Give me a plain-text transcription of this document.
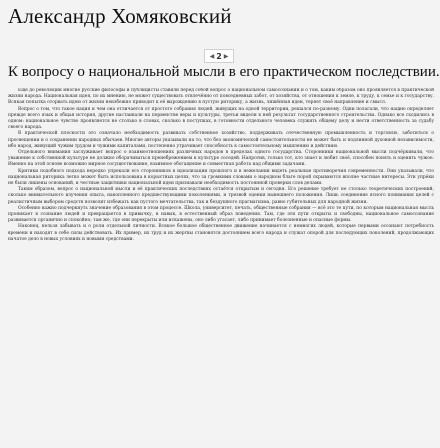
Александр Хомяковский
◀ 2 ▶
К вопросу о национальной мысли в его практическом последствии.

Ещё до революции многие русские философы и публицисты ставили перед собой вопрос о национальном самосознании и о том, каким образом оно проявляется в практической жизни народа. Национальная идея, по их мнению, не может существовать отвлечённо от повседневных забот, от хозяйства, от отношения к земле, к труду, к семье и к государству. Всякая попытка оторвать идею от жизни неизбежно приводит к её вырождению в пустую риторику, а жизнь, лишённая идеи, теряет своё направление и смысл.

Вопрос о том, что такое нация и чем она отличается от простого собрания людей, живущих на одной территории, решался по-разному. Одни полагали, что нацию определяет прежде всего язык и общая история, другие настаивали на первенстве веры и культуры, третьи видели в ней результат государственного строительства. Однако все сходились в одном: национальное чувство проявляется не столько в словах, сколько в поступках, в готовности отдельного человека служить общему делу и нести ответственность за судьбу своего народа.

В практической плоскости это означало необходимость развивать собственное хозяйство, поддерживать отечественную промышленность и торговлю, заботиться о просвещении и о сохранении народных обычаев. Многие авторы указывали на то, что без экономической самостоятельности не может быть и подлинной духовной независимости, ибо народ, живущий чужим трудом и чужими капиталами, постепенно утрачивает способность к самостоятельному мышлению и действию.

Отдельного внимания заслуживает вопрос о взаимоотношениях различных народов в пределах одного государства. Сторонники национальной мысли подчёркивали, что уважение к собственной культуре не должно оборачиваться пренебрежением к культуре соседей. Напротив, только тот, кто знает и любит своё, способен понять и оценить чужое. Именно на этой основе возможно мирное сосуществование, взаимное обогащение и совместная работа над общими задачами.

Критики подобного подхода нередко упрекали его сторонников в идеализации прошлого и в нежелании видеть реальные противоречия современности. Они указывали, что национальная риторика легко может быть использована в корыстных целях, что за громкими словами о народном благе порой скрываются вполне частные интересы. Эти упрёки не были лишены оснований, и честные защитники национальной идеи признавали необходимость постоянной проверки слов делами.

Таким образом, вопрос о национальной мысли и её практических последствиях остаётся открытым и сегодня. Его решение требует не столько теоретических построений, сколько внимательного изучения опыта, накопленного предшествующими поколениями, и трезвой оценки нынешнего положения. Лишь соединение ясного понимания целей с реалистичным выбором средств позволит избежать как пустого мечтательства, так и бездушного прагматизма, равно губительных для народной жизни.

Особенно важно подчеркнуть значение образования в этом процессе. Школа, университет, печать, общественные собрания — всё это те пути, по которым национальная мысль проникает в сознание людей и превращается в привычку, в навык, в естественный образ поведения. Там, где эти пути открыты и свободны, национальное самосознание развивается органично и спокойно; там же, где они перекрыты или искажены, оно либо угасает, либо принимает болезненные и опасные формы.

Наконец, нельзя забывать и о роли отдельной личности. Всякое большое общественное движение начинается с немногих людей, которые первыми осознают потребность времени и находят в себе силы действовать. Их пример, их труд и их жертвы становятся достоянием всего народа и служат опорой для последующих поколений, продолжающих начатое дело в новых условиях и новыми средствами.
